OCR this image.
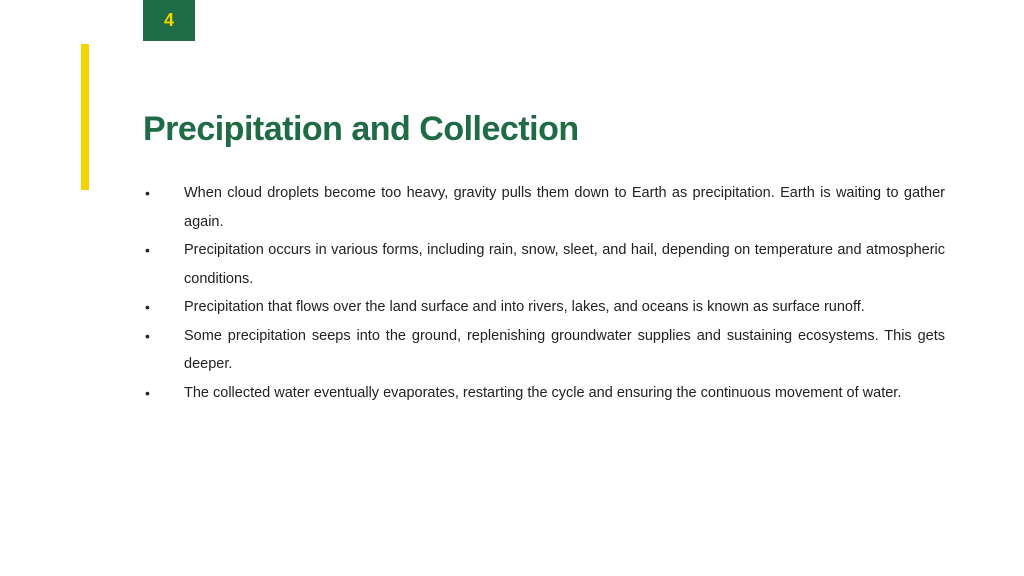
4
Precipitation and Collection
• When cloud droplets become too heavy, gravity pulls them down to Earth as precipitation. Earth is waiting to gather again.
• Precipitation occurs in various forms, including rain, snow, sleet, and hail, depending on temperature and atmospheric conditions.
• Precipitation that flows over the land surface and into rivers, lakes, and oceans is known as surface runoff.
• Some precipitation seeps into the ground, replenishing groundwater supplies and sustaining ecosystems. This gets deeper.
• The collected water eventually evaporates, restarting the cycle and ensuring the continuous movement of water.
